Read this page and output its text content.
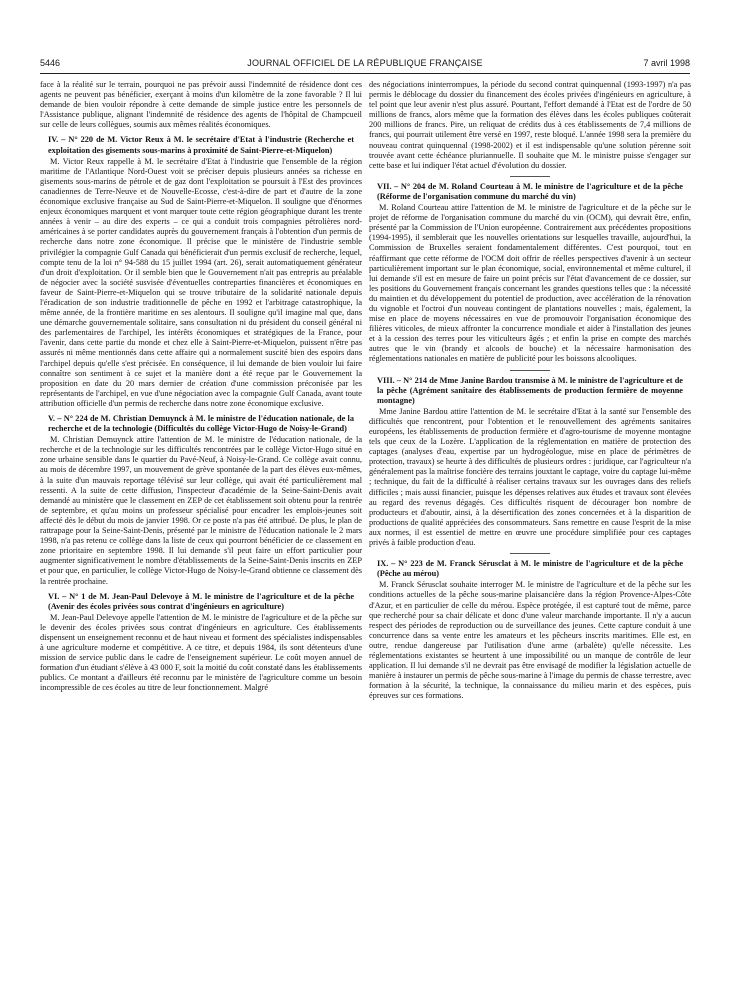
5446	JOURNAL OFFICIEL DE LA RÉPUBLIQUE FRANÇAISE	7 avril 1998

face à la réalité sur le terrain, pourquoi ne pas prévoir aussi l'indemnité de résidence dont ces agents ne peuvent pas bénéficier, exerçant à moins d'un kilomètre de la zone favorable ? Il lui demande de bien vouloir répondre à cette demande de simple justice entre les personnels de l'Assistance publique, alignant l'indemnité de résidence des agents de l'hôpital de Champcueil sur celle de leurs collègues, soumis aux mêmes réalités économiques.

IV. – N° 220 de M. Victor Reux à M. le secrétaire d'Etat à l'industrie (Recherche et exploitation des gisements sous-marins à proximité de Saint-Pierre-et-Miquelon)

M. Victor Reux rappelle à M. le secrétaire d'Etat à l'industrie que l'ensemble de la région maritime de l'Atlantique Nord-Ouest voit se préciser depuis plusieurs années sa richesse en gisements sous-marins de pétrole et de gaz dont l'exploitation se poursuit à l'Est des provinces canadiennes de Terre-Neuve et de Nouvelle-Ecosse, c'est-à-dire de part et d'autre de la zone économique exclusive française au Sud de Saint-Pierre-et-Miquelon. Il souligne que d'énormes enjeux économiques marquent et vont marquer toute cette région géographique durant les trente années à venir – au dire des experts – ce qui a conduit trois compagnies pétrolières nord-américaines à se porter candidates auprès du gouvernement français à l'obtention d'un permis de recherche dans notre zone économique. Il précise que le ministère de l'industrie semble privilégier la compagnie Gulf Canada qui bénéficierait d'un permis exclusif de recherche, lequel, compte tenu de la loi n° 94-588 du 15 juillet 1994 (art. 26), serait automatiquement générateur d'un droit d'exploitation. Or il semble bien que le Gouvernement n'ait pas entrepris au préalable de négocier avec la société susvisée d'éventuelles contreparties financières et économiques en faveur de Saint-Pierre-et-Miquelon qui se trouve tributaire de la solidarité nationale depuis l'éradication de son industrie traditionnelle de pêche en 1992 et l'arbitrage catastrophique, la même année, de la frontière maritime en ses alentours. Il souligne qu'il imagine mal que, dans une démarche gouvernementale solitaire, sans consultation ni du président du conseil général ni des parlementaires de l'archipel, les intérêts économiques et stratégiques de la France, pour l'avenir, dans cette partie du monde et chez elle à Saint-Pierre-et-Miquelon, puissent n'être pas assurés ni même mentionnés dans cette affaire qui a normalement suscité bien des espoirs dans l'archipel depuis qu'elle s'est précisée. En conséquence, il lui demande de bien vouloir lui faire connaître son sentiment à ce sujet et la manière dont a été reçue par le Gouvernement la proposition en date du 20 mars dernier de création d'une commission préconisée par les représentants de l'archipel, en vue d'une négociation avec la compagnie Gulf Canada, avant toute attribution officielle d'un permis de recherche dans notre zone économique exclusive.

V. – N° 224 de M. Christian Demuynck à M. le ministre de l'éducation nationale, de la recherche et de la technologie (Difficultés du collège Victor-Hugo de Noisy-le-Grand)

M. Christian Demuynck attire l'attention de M. le ministre de l'éducation nationale, de la recherche et de la technologie sur les difficultés rencontrées par le collège Victor-Hugo situé en zone urbaine sensible dans le quartier du Pavé-Neuf, à Noisy-le-Grand. Ce collège avait connu, au mois de décembre 1997, un mouvement de grève spontanée de la part des élèves eux-mêmes, à la suite d'un mauvais reportage télévisé sur leur collège, qui avait été particulièrement mal ressenti. A la suite de cette diffusion, l'inspecteur d'académie de la Seine-Saint-Denis avait demandé au ministère que le classement en ZEP de cet établissement soit obtenu pour la rentrée de septembre, et qu'au moins un professeur spécialisé pour encadrer les emplois-jeunes soit affecté dès le début du mois de janvier 1998. Or ce poste n'a pas été attribué. De plus, le plan de rattrapage pour la Seine-Saint-Denis, présenté par le ministre de l'éducation nationale le 2 mars 1998, n'a pas retenu ce collège dans la liste de ceux qui pourront bénéficier de ce classement en zone prioritaire en septembre 1998. Il lui demande s'il peut faire un effort particulier pour augmenter significativement le nombre d'établissements de la Seine-Saint-Denis inscrits en ZEP et pour que, en particulier, le collège Victor-Hugo de Noisy-le-Grand obtienne ce classement dès la rentrée prochaine.

VI. – N° 1 de M. Jean-Paul Delevoye à M. le ministre de l'agriculture et de la pêche (Avenir des écoles privées sous contrat d'ingénieurs en agriculture)

M. Jean-Paul Delevoye appelle l'attention de M. le ministre de l'agriculture et de la pêche sur le devenir des écoles privées sous contrat d'ingénieurs en agriculture. Ces établissements dispensent un enseignement reconnu et de haut niveau et forment des spécialistes indispensables à une agriculture moderne et compétitive. A ce titre, et depuis 1984, ils sont détenteurs d'une mission de service public dans le cadre de l'enseignement supérieur. Le coût moyen annuel de formation d'un étudiant s'élève à 43 000 F, soit la moitié du coût constaté dans les établissements publics. Ce montant a d'ailleurs été reconnu par le ministère de l'agriculture comme un besoin incompressible de ces écoles au titre de leur fonctionnement. Malgré

des négociations ininterrompues, la période du second contrat quinquennal (1993-1997) n'a pas permis le déblocage du dossier du financement des écoles privées d'ingénieurs en agriculture, à tel point que leur avenir n'est plus assuré. Pourtant, l'effort demandé à l'Etat est de l'ordre de 50 millions de francs, alors même que la formation des élèves dans les écoles publiques coûterait 200 millions de francs. Pire, un reliquat de crédits dus à ces établissements de 7,4 millions de francs, qui pourrait utilement être versé en 1997, reste bloqué. L'année 1998 sera la première du nouveau contrat quinquennal (1998-2002) et il est indispensable qu'une solution pérenne soit trouvée avant cette échéance pluriannuelle. Il souhaite que M. le ministre puisse s'engager sur cette base et lui indiquer l'état actuel d'évolution du dossier.

VII. – N° 204 de M. Roland Courteau à M. le ministre de l'agriculture et de la pêche (Réforme de l'organisation commune du marché du vin)

M. Roland Courteau attire l'attention de M. le ministre de l'agriculture et de la pêche sur le projet de réforme de l'organisation commune du marché du vin (OCM), qui devrait être, enfin, présenté par la Commission de l'Union européenne. Contrairement aux précédentes propositions (1994-1995), il semblerait que les nouvelles orientations sur lesquelles travaille, aujourd'hui, la Commission de Bruxelles seraient fondamentalement différentes. C'est pourquoi, tout en réaffirmant que cette réforme de l'OCM doit offrir de réelles perspectives d'avenir à un secteur particulièrement important sur le plan économique, social, environnemental et même culturel, il lui demande s'il est en mesure de faire un point précis sur l'état d'avancement de ce dossier, sur les positions du Gouvernement français concernant les grandes questions telles que : la nécessité du maintien et du développement du potentiel de production, avec accélération de la rénovation du vignoble et l'octroi d'un nouveau contingent de plantations nouvelles ; mais, également, la mise en place de moyens nécessaires en vue de promouvoir l'organisation économique des filières viticoles, de mieux affronter la concurrence mondiale et aider à l'installation des jeunes et à la cession des terres pour les viticulteurs âgés ; et enfin la prise en compte des marchés autres que le vin (brandy et alcools de bouche) et la nécessaire harmonisation des réglementations nationales en matière de publicité pour les boissons alcooliques.

VIII. – N° 214 de Mme Janine Bardou transmise à M. le ministre de l'agriculture et de la pêche (Agrément sanitaire des établissements de production fermière de moyenne montagne)

Mme Janine Bardou attire l'attention de M. le secrétaire d'Etat à la santé sur l'ensemble des difficultés que rencontrent, pour l'obtention et le renouvellement des agréments sanitaires européens, les établissements de production fermière et d'agro-tourisme de moyenne montagne tels que ceux de la Lozère. L'application de la réglementation en matière de protection des captages (analyses d'eau, expertise par un hydrogéologue, mise en place de périmètres de protection, travaux) se heurte à des difficultés de plusieurs ordres : juridique, car l'agriculteur n'a généralement pas la maîtrise foncière des terrains jouxtant le captage, voire du captage lui-même ; technique, du fait de la difficulté à réaliser certains travaux sur les ouvrages dans des reliefs difficiles ; mais aussi financier, puisque les dépenses relatives aux études et travaux sont élevées au regard des revenus dégagés. Ces difficultés risquent de décourager bon nombre de producteurs et d'aboutir, ainsi, à la désertification des zones concernées et à la disparition de productions de qualité appréciées des consommateurs. Sans remettre en cause l'esprit de la mise aux normes, il est essentiel de mettre en œuvre une procédure simplifiée pour ces captages privés à faible production d'eau.

IX. – N° 223 de M. Franck Sérusclat à M. le ministre de l'agriculture et de la pêche (Pêche au mérou)

M. Franck Sérusclat souhaite interroger M. le ministre de l'agriculture et de la pêche sur les conditions actuelles de la pêche sous-marine plaisancière dans la région Provence-Alpes-Côte d'Azur, et en particulier de celle du mérou. Espèce protégée, il est capturé tout de même, parce que recherché pour sa chair délicate et donc d'une valeur marchande importante. Il n'y a aucun respect des périodes de reproduction ou de surveillance des jeunes. Cette capture conduit à une concurrence dans sa vente entre les amateurs et les pêcheurs inscrits maritimes. Elle est, en outre, rendue dangereuse par l'utilisation d'une arme (arbalète) qu'elle nécessite. Les réglementations existantes se heurtent à une impossibilité ou un manque de contrôle de leur application. Il lui demande s'il ne devrait pas être envisagé de modifier la législation actuelle de manière à instaurer un permis de pêche sous-marine à l'image du permis de chasse terrestre, avec formation à la sécurité, la technique, la connaissance du milieu marin et des espèces, puis épreuves sur ces formations.
